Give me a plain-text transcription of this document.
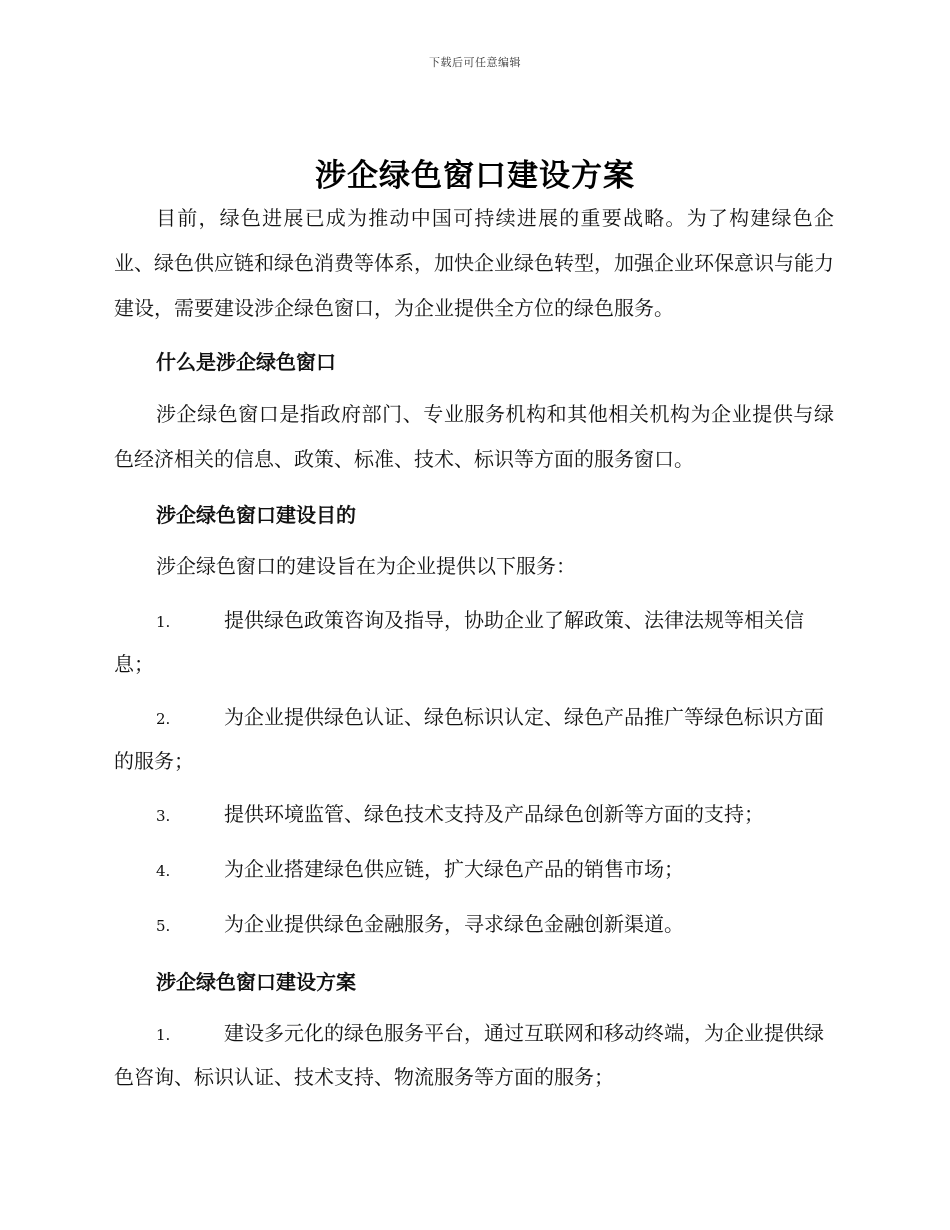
下载后可任意编辑
涉企绿色窗口建设方案

目前，绿色进展已成为推动中国可持续进展的重要战略。为了构建绿色企业、绿色供应链和绿色消费等体系，加快企业绿色转型，加强企业环保意识与能力建设，需要建设涉企绿色窗口，为企业提供全方位的绿色服务。

什么是涉企绿色窗口

涉企绿色窗口是指政府部门、专业服务机构和其他相关机构为企业提供与绿色经济相关的信息、政策、标准、技术、标识等方面的服务窗口。

涉企绿色窗口建设目的

涉企绿色窗口的建设旨在为企业提供以下服务：

1.	提供绿色政策咨询及指导，协助企业了解政策、法律法规等相关信息；
2.	为企业提供绿色认证、绿色标识认定、绿色产品推广等绿色标识方面的服务；
3.	提供环境监管、绿色技术支持及产品绿色创新等方面的支持；
4.	为企业搭建绿色供应链，扩大绿色产品的销售市场；
5.	为企业提供绿色金融服务，寻求绿色金融创新渠道。

涉企绿色窗口建设方案

1.	建设多元化的绿色服务平台，通过互联网和移动终端，为企业提供绿色咨询、标识认证、技术支持、物流服务等方面的服务；
